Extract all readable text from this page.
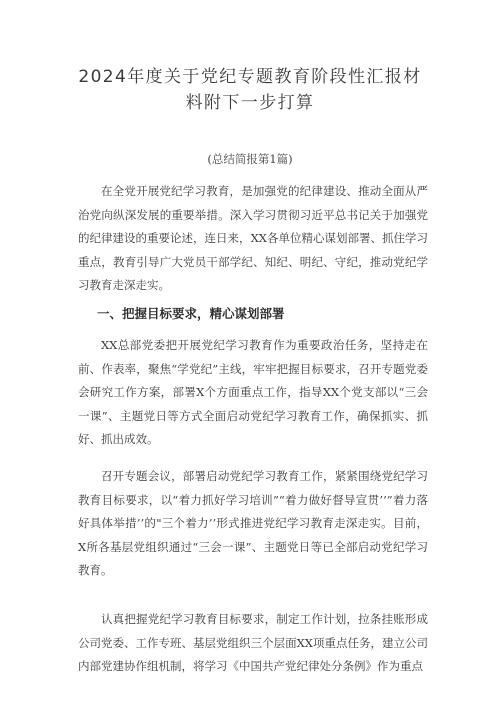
2024年度关于党纪专题教育阶段性汇报材
料附下一步打算
(总结简报第1篇)

在全党开展党纪学习教育，是加强党的纪律建设、推动全面从严治党向纵深发展的重要举措。深入学习贯彻习近平总书记关于加强党的纪律建设的重要论述，连日来，XX各单位精心谋划部署、抓住学习重点，教育引导广大党员干部学纪、知纪、明纪、守纪，推动党纪学习教育走深走实。

一、把握目标要求，精心谋划部署

XX总部党委把开展党纪学习教育作为重要政治任务，坚持走在前、作表率，聚焦“学党纪”主线，牢牢把握目标要求，召开专题党委会研究工作方案，部署X个方面重点工作，指导XX个党支部以“三会一课”、主题党日等方式全面启动党纪学习教育工作，确保抓实、抓好、抓出成效。

召开专题会议，部署启动党纪学习教育工作，紧紧围绕党纪学习教育目标要求，以“着力抓好学习培训”“着力做好督导宣贯’’”着力落好具体举措’’的"三个着力’’形式推进党纪学习教育走深走实。目前，X所各基层党组织通过“三会一课”、主题党日等已全部启动党纪学习教育。

认真把握党纪学习教育目标要求，制定工作计划，拉条挂账形成公司党委、工作专班、基层党组织三个层面XX项重点任务，建立公司内部党建协作组机制，将学习《中国共产党纪律处分条例》作为重点
